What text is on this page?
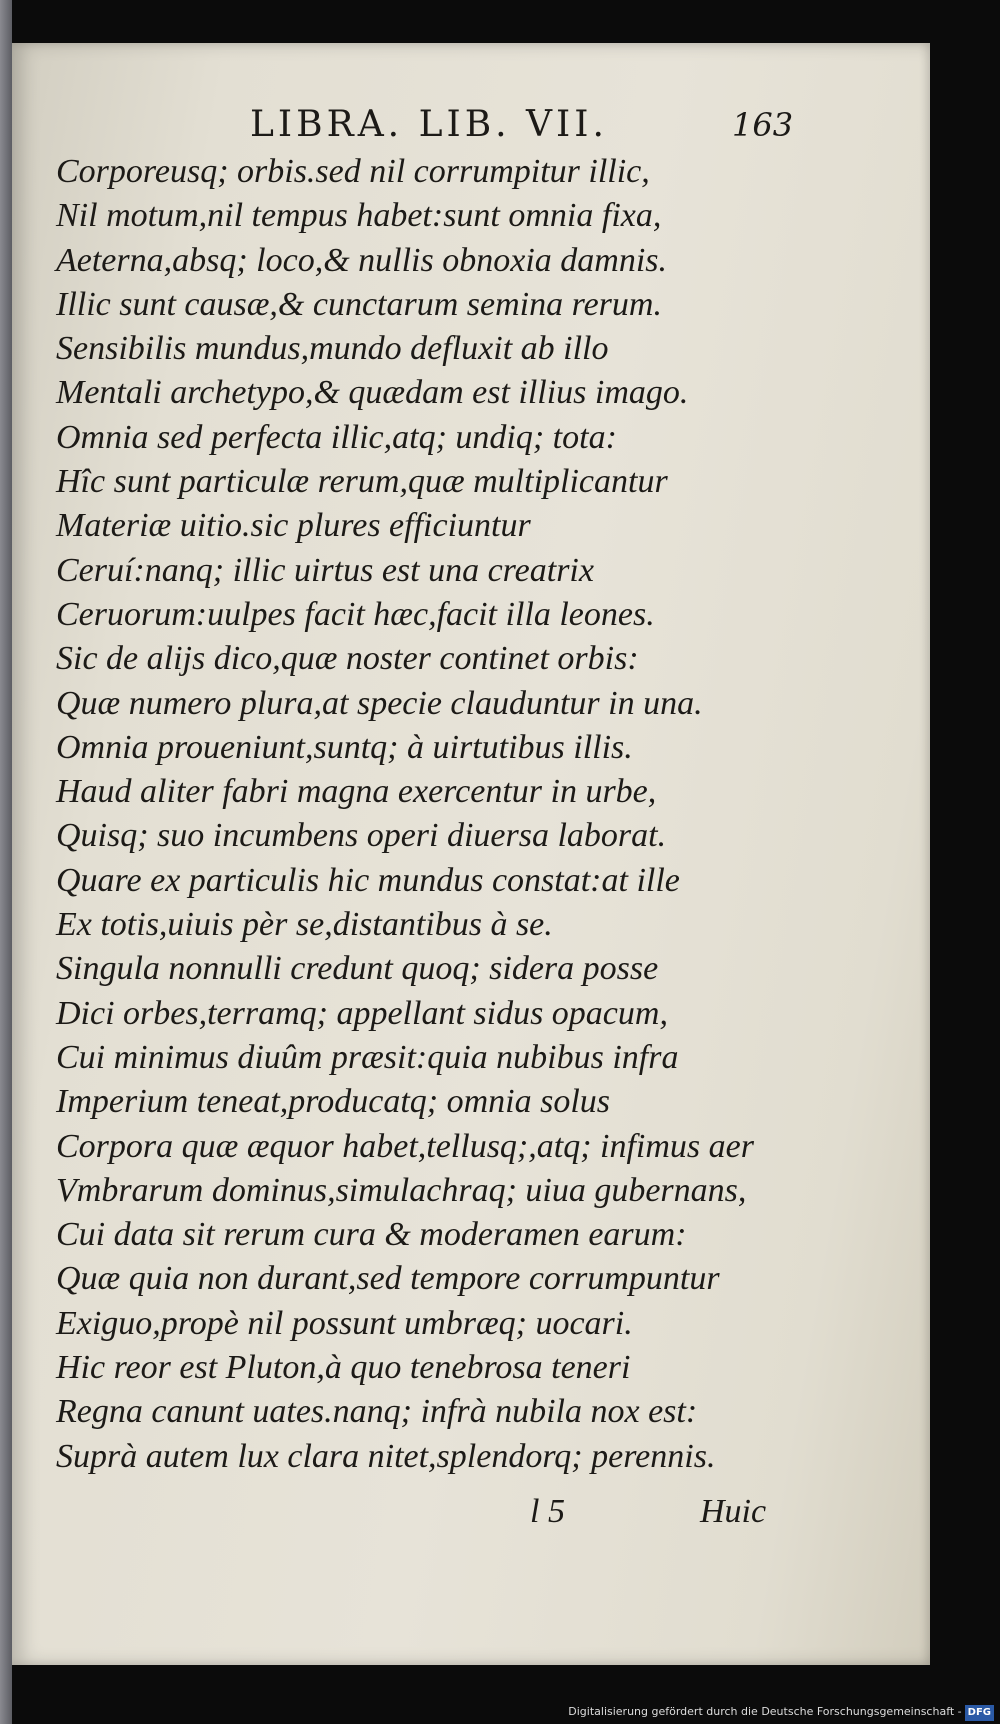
LIBRA. LIB. VII.	163
Corporeusq; orbis.sed nil corrumpitur illic,
Nil motum,nil tempus habet:sunt omnia fixa,
Aeterna,absq; loco,& nullis obnoxia damnis.
Illic sunt causæ,& cunctarum semina rerum.
Sensibilis mundus,mundo defluxit ab illo
Mentali archetypo,& quædam est illius imago.
Omnia sed perfecta illic,atq; undiq; tota:
Hîc sunt particulæ rerum,quæ multiplicantur
Materiæ uitio.sic plures efficiuntur
Ceruí:nanq; illic uirtus est una creatrix
Ceruorum:uulpes facit hæc,facit illa leones.
Sic de alijs dico,quæ noster continet orbis:
Quæ numero plura,at specie clauduntur in una.
Omnia proueniunt,suntq; à uirtutibus illis.
Haud aliter fabri magna exercentur in urbe,
Quisq; suo incumbens operi diuersa laborat.
Quare ex particulis hic mundus constat:at ille
Ex totis,uiuis pèr se,distantibus à se.
Singula nonnulli credunt quoq; sidera posse
Dici orbes,terramq; appellant sidus opacum,
Cui minimus diuûm præsit:quia nubibus infra
Imperium teneat,producatq; omnia solus
Corpora quæ æquor habet,tellusq;,atq; infimus aer
Vmbrarum dominus,simulachraq; uiua gubernans,
Cui data sit rerum cura & moderamen earum:
Quæ quia non durant,sed tempore corrumpuntur
Exiguo,propè nil possunt umbræq; uocari.
Hic reor est Pluton,à quo tenebrosa teneri
Regna canunt uates.nanq; infrà nubila nox est:
Suprà autem lux clara nitet,splendorq; perennis.
l 5	Huic
Digitalisierung gefördert durch die Deutsche Forschungsgemeinschaft - DFG
